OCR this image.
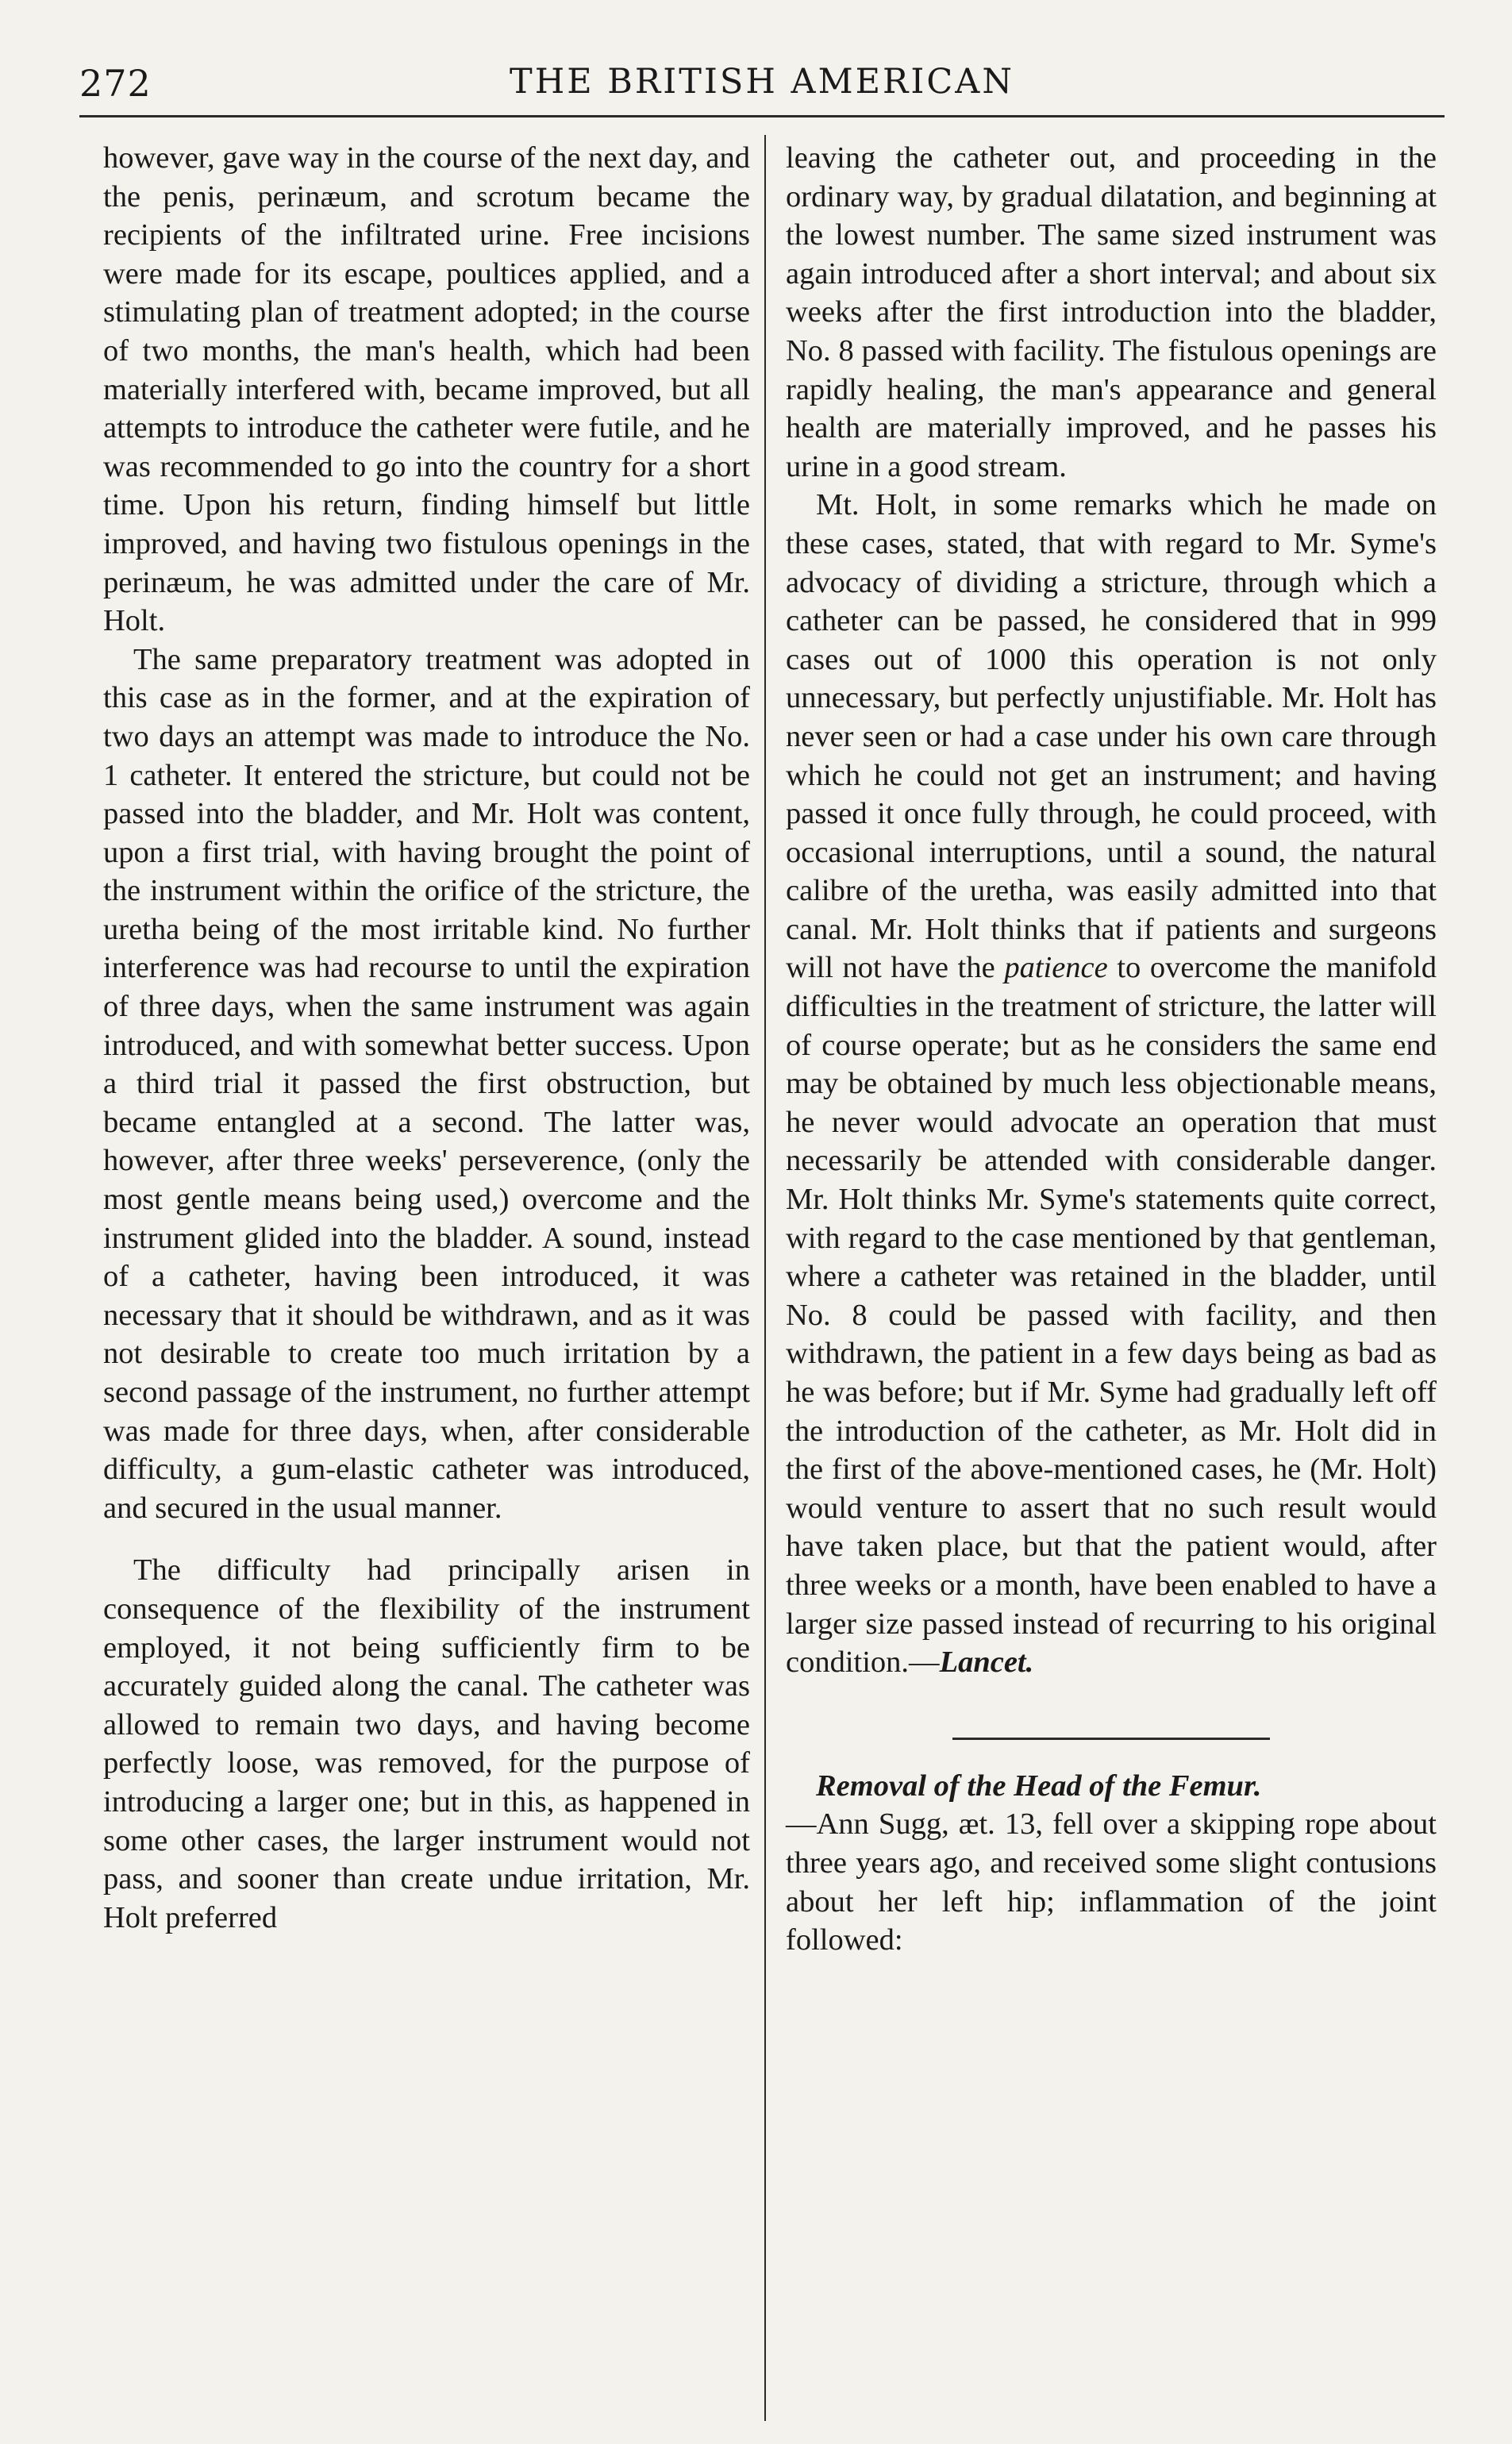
272	THE BRITISH AMERICAN

however, gave way in the course of the next day, and the penis, perinæum, and scrotum became the recipients of the infiltrated urine. Free incisions were made for its escape, poultices applied, and a stimulating plan of treatment adopted; in the course of two months, the man's health, which had been materially interfered with, became improved, but all attempts to introduce the catheter were futile, and he was recommended to go into the country for a short time. Upon his return, finding himself but little improved, and having two fistulous openings in the perinæum, he was admitted under the care of Mr. Holt.

The same preparatory treatment was adopted in this case as in the former, and at the expiration of two days an attempt was made to introduce the No. 1 catheter. It entered the stricture, but could not be passed into the bladder, and Mr. Holt was content, upon a first trial, with having brought the point of the instrument within the orifice of the stricture, the uretha being of the most irritable kind. No further interference was had recourse to until the expiration of three days, when the same instrument was again introduced, and with somewhat better success. Upon a third trial it passed the first obstruction, but became entangled at a second. The latter was, however, after three weeks' perseverence, (only the most gentle means being used,) overcome and the instrument glided into the bladder. A sound, instead of a catheter, having been introduced, it was necessary that it should be withdrawn, and as it was not desirable to create too much irritation by a second passage of the instrument, no further attempt was made for three days, when, after considerable difficulty, a gum-elastic catheter was introduced, and secured in the usual manner.

The difficulty had principally arisen in consequence of the flexibility of the instrument employed, it not being sufficiently firm to be accurately guided along the canal. The catheter was allowed to remain two days, and having become perfectly loose, was removed, for the purpose of introducing a larger one; but in this, as happened in some other cases, the larger instrument would not pass, and sooner than create undue irritation, Mr. Holt preferred

leaving the catheter out, and proceeding in the ordinary way, by gradual dilatation, and beginning at the lowest number. The same sized instrument was again introduced after a short interval; and about six weeks after the first introduction into the bladder, No. 8 passed with facility. The fistulous openings are rapidly healing, the man's appearance and general health are materially improved, and he passes his urine in a good stream.

Mt. Holt, in some remarks which he made on these cases, stated, that with regard to Mr. Syme's advocacy of dividing a stricture, through which a catheter can be passed, he considered that in 999 cases out of 1000 this operation is not only unnecessary, but perfectly unjustifiable. Mr. Holt has never seen or had a case under his own care through which he could not get an instrument; and having passed it once fully through, he could proceed, with occasional interruptions, until a sound, the natural calibre of the uretha, was easily admitted into that canal. Mr. Holt thinks that if patients and surgeons will not have the patience to overcome the manifold difficulties in the treatment of stricture, the latter will of course operate; but as he considers the same end may be obtained by much less objectionable means, he never would advocate an operation that must necessarily be attended with considerable danger. Mr. Holt thinks Mr. Syme's statements quite correct, with regard to the case mentioned by that gentleman, where a catheter was retained in the bladder, until No. 8 could be passed with facility, and then withdrawn, the patient in a few days being as bad as he was before; but if Mr. Syme had gradually left off the introduction of the catheter, as Mr. Holt did in the first of the above-mentioned cases, he (Mr. Holt) would venture to assert that no such result would have taken place, but that the patient would, after three weeks or a month, have been enabled to have a larger size passed instead of recurring to his original condition.—Lancet.

Removal of the Head of the Femur.
—Ann Sugg, æt. 13, fell over a skipping rope about three years ago, and received some slight contusions about her left hip; inflammation of the joint followed:
